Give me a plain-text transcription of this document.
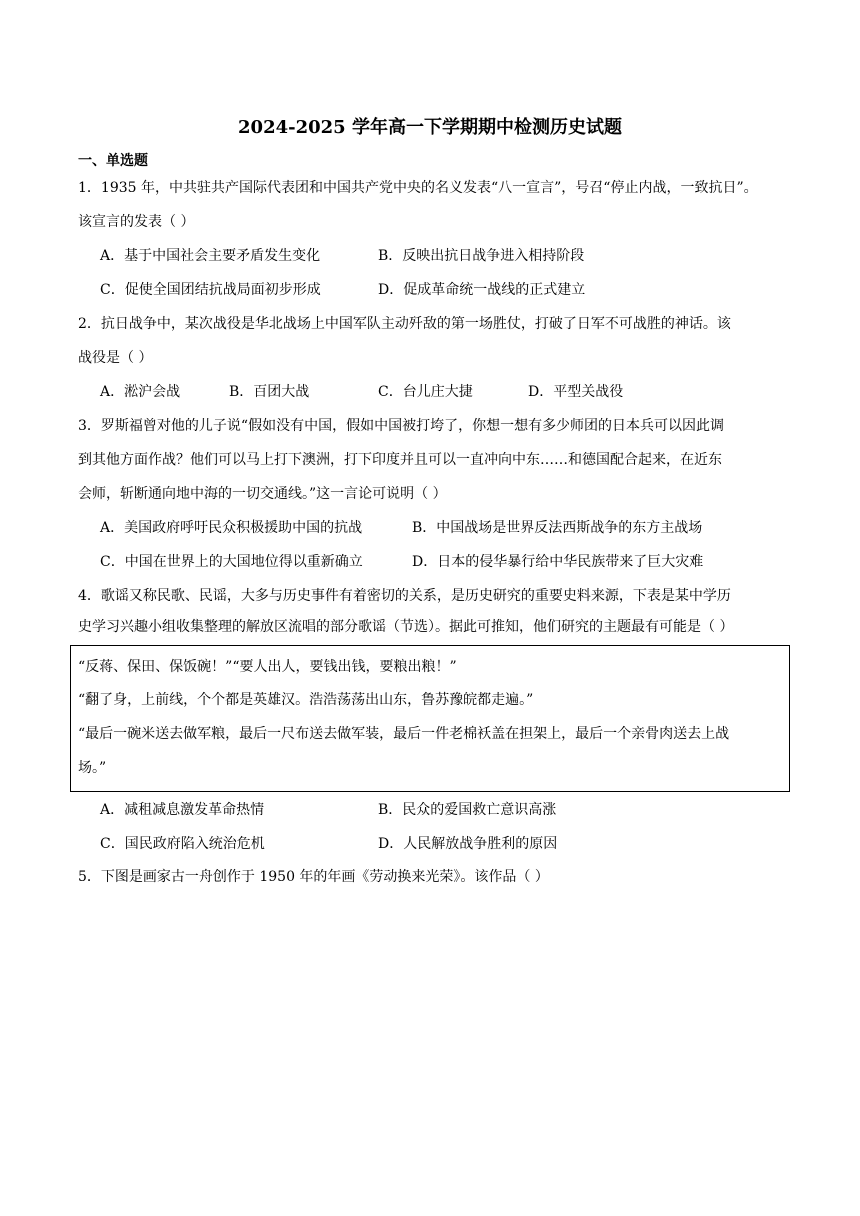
2024-2025 学年高一下学期期中检测历史试题
一、单选题
1．1935 年，中共驻共产国际代表团和中国共产党中央的名义发表“八一宣言”，号召“停止内战，一致抗日”。
该宣言的发表（ ）
A．基于中国社会主要矛盾发生变化	B．反映出抗日战争进入相持阶段
C．促使全国团结抗战局面初步形成	D．促成革命统一战线的正式建立
2．抗日战争中，某次战役是华北战场上中国军队主动歼敌的第一场胜仗，打破了日军不可战胜的神话。该
战役是（ ）
A．淞沪会战	B．百团大战	C．台儿庄大捷	D．平型关战役
3．罗斯福曾对他的儿子说“假如没有中国，假如中国被打垮了，你想一想有多少师团的日本兵可以因此调
到其他方面作战？他们可以马上打下澳洲，打下印度并且可以一直冲向中东……和德国配合起来，在近东
会师，斩断通向地中海的一切交通线。”这一言论可说明（ ）
A．美国政府呼吁民众积极援助中国的抗战	B．中国战场是世界反法西斯战争的东方主战场
C．中国在世界上的大国地位得以重新确立	D．日本的侵华暴行给中华民族带来了巨大灾难
4．歌谣又称民歌、民谣，大多与历史事件有着密切的关系，是历史研究的重要史料来源，下表是某中学历
史学习兴趣小组收集整理的解放区流唱的部分歌谣（节选）。据此可推知，他们研究的主题最有可能是（ ）
“反蒋、保田、保饭碗！”“要人出人，要钱出钱，要粮出粮！”
“翻了身，上前线，个个都是英雄汉。浩浩荡荡出山东，鲁苏豫皖都走遍。”
“最后一碗米送去做军粮，最后一尺布送去做军装，最后一件老棉袄盖在担架上，最后一个亲骨肉送去上战
场。”
A．减租减息激发革命热情	B．民众的爱国救亡意识高涨
C．国民政府陷入统治危机	D．人民解放战争胜利的原因
5．下图是画家古一舟创作于 1950 年的年画《劳动换来光荣》。该作品（ ）
